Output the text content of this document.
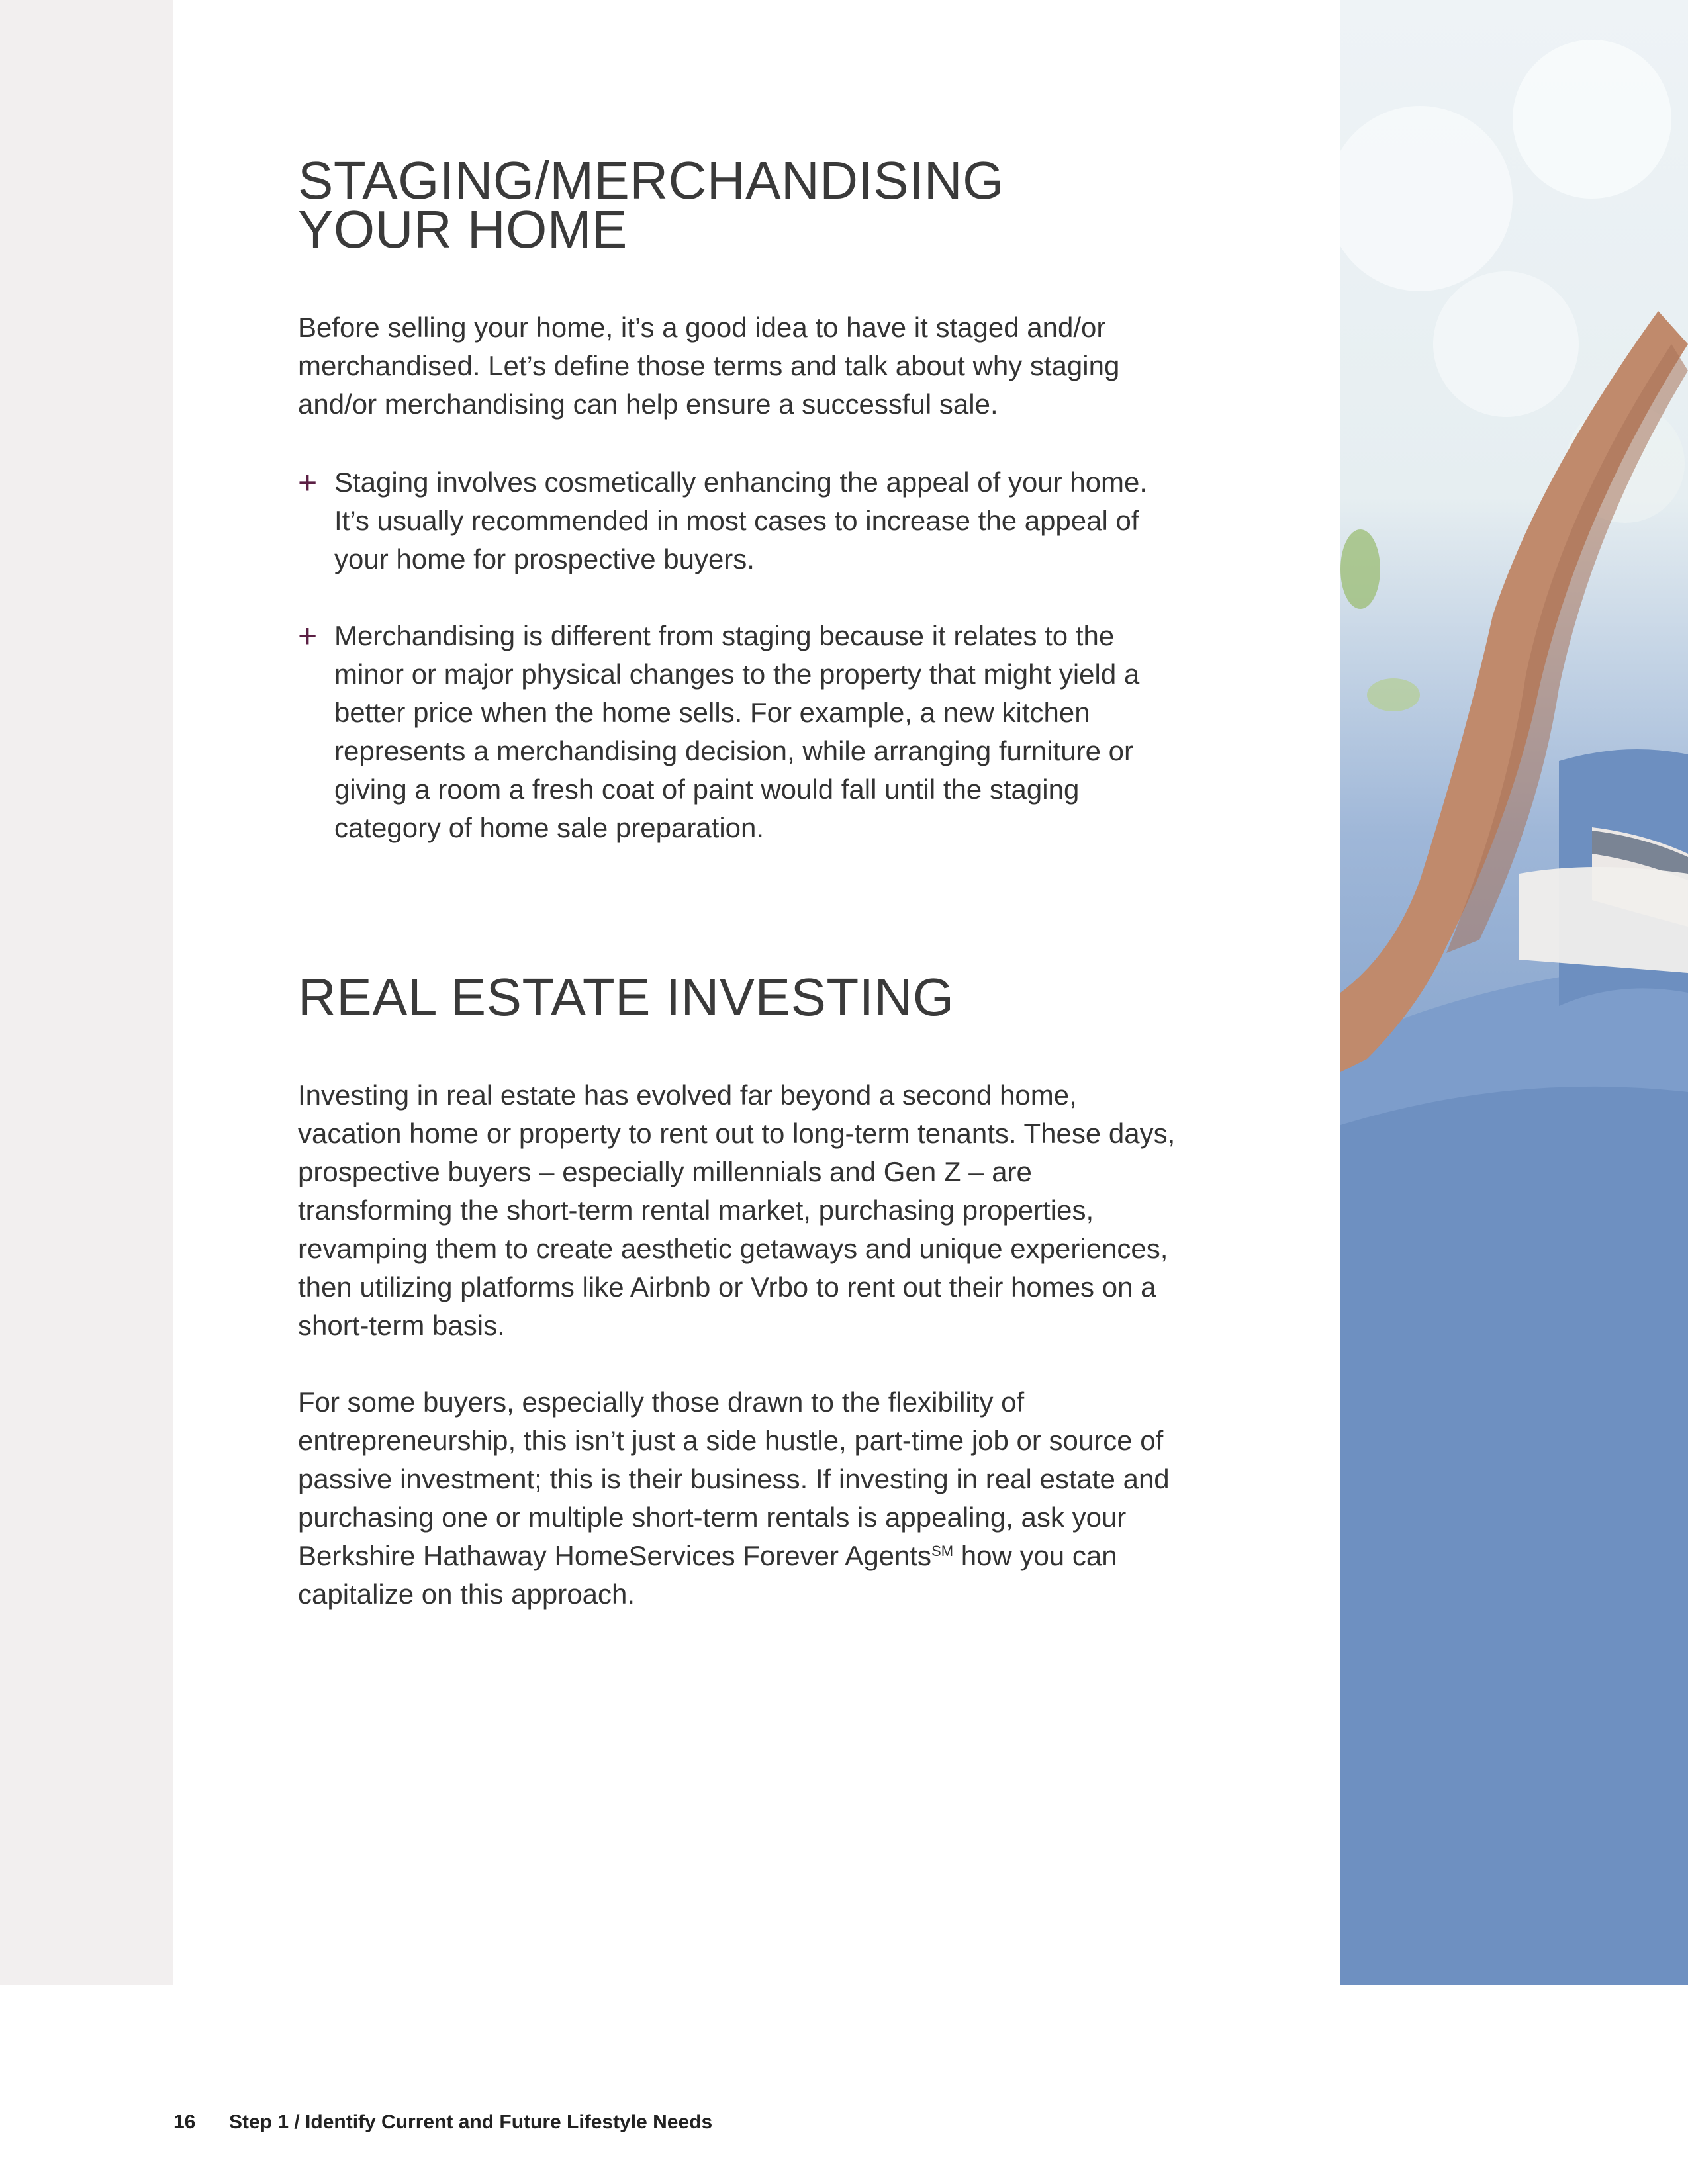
STAGING/MERCHANDISING
YOUR HOME

Before selling your home, it’s a good idea to have it staged and/or merchandised. Let’s define those terms and talk about why staging and/or merchandising can help ensure a successful sale.

+ Staging involves cosmetically enhancing the appeal of your home. It’s usually recommended in most cases to increase the appeal of your home for prospective buyers.
+ Merchandising is different from staging because it relates to the minor or major physical changes to the property that might yield a better price when the home sells. For example, a new kitchen represents a merchandising decision, while arranging furniture or giving a room a fresh coat of paint would fall until the staging category of home sale preparation.
REAL ESTATE INVESTING

Investing in real estate has evolved far beyond a second home, vacation home or property to rent out to long-term tenants. These days, prospective buyers – especially millennials and Gen Z – are transforming the short-term rental market, purchasing properties, revamping them to create aesthetic getaways and unique experiences, then utilizing platforms like Airbnb or Vrbo to rent out their homes on a short-term basis.

For some buyers, especially those drawn to the flexibility of entrepreneurship, this isn’t just a side hustle, part-time job or source of passive investment; this is their business. If investing in real estate and purchasing one or multiple short-term rentals is appealing, ask your Berkshire Hathaway HomeServices Forever Agents℠ how you can capitalize on this approach.

16 Step 1 / Identify Current and Future Lifestyle Needs
